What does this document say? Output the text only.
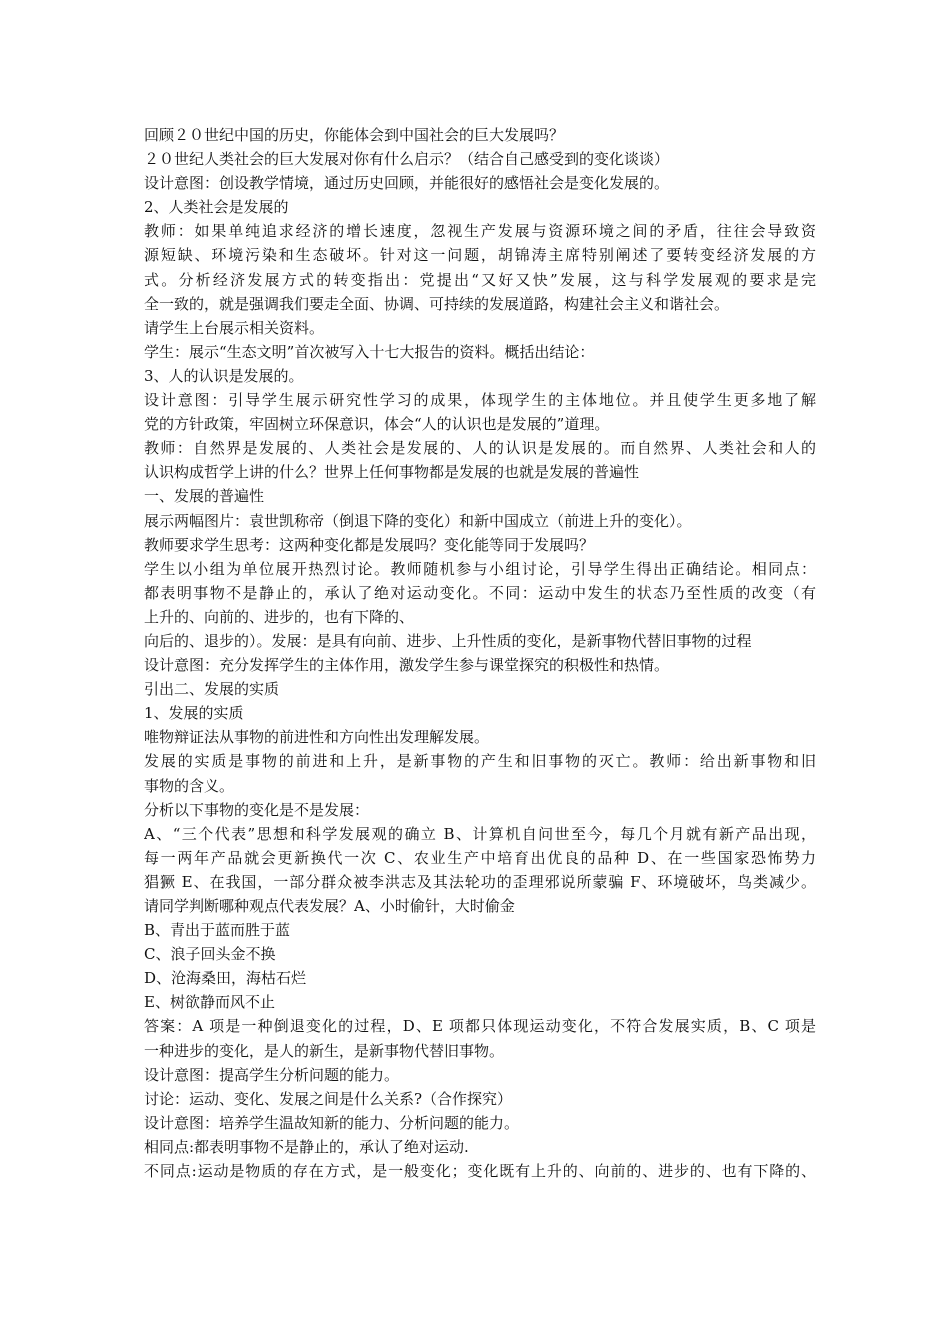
回顾２０世纪中国的历史，你能体会到中国社会的巨大发展吗？
２０世纪人类社会的巨大发展对你有什么启示？（结合自己感受到的变化谈谈）
设计意图：创设教学情境，通过历史回顾，并能很好的感悟社会是变化发展的。
2、人类社会是发展的
教师：如果单纯追求经济的增长速度，忽视生产发展与资源环境之间的矛盾，往往会导致资
源短缺、环境污染和生态破坏。针对这一问题，胡锦涛主席特别阐述了要转变经济发展的方
式。分析经济发展方式的转变指出：党提出“又好又快”发展，这与科学发展观的要求是完
全一致的，就是强调我们要走全面、协调、可持续的发展道路，构建社会主义和谐社会。
请学生上台展示相关资料。
学生：展示“生态文明”首次被写入十七大报告的资料。概括出结论：
3、人的认识是发展的。
设计意图：引导学生展示研究性学习的成果，体现学生的主体地位。并且使学生更多地了解
党的方针政策，牢固树立环保意识，体会“人的认识也是发展的”道理。
教师：自然界是发展的、人类社会是发展的、人的认识是发展的。而自然界、人类社会和人的
认识构成哲学上讲的什么？世界上任何事物都是发展的也就是发展的普遍性
一、发展的普遍性
展示两幅图片：袁世凯称帝（倒退下降的变化）和新中国成立（前进上升的变化）。
教师要求学生思考：这两种变化都是发展吗？变化能等同于发展吗？
学生以小组为单位展开热烈讨论。教师随机参与小组讨论，引导学生得出正确结论。相同点：
都表明事物不是静止的，承认了绝对运动变化。不同：运动中发生的状态乃至性质的改变（有
上升的、向前的、进步的，也有下降的、
向后的、退步的）。发展：是具有向前、进步、上升性质的变化，是新事物代替旧事物的过程
设计意图：充分发挥学生的主体作用，激发学生参与课堂探究的积极性和热情。
引出二、发展的实质
1、发展的实质
唯物辩证法从事物的前进性和方向性出发理解发展。
发展的实质是事物的前进和上升，是新事物的产生和旧事物的灭亡。教师：给出新事物和旧
事物的含义。
分析以下事物的变化是不是发展：
A、“三个代表”思想和科学发展观的确立 B、计算机自问世至今，每几个月就有新产品出现，
每一两年产品就会更新换代一次 C、农业生产中培育出优良的品种 D、在一些国家恐怖势力
猖獗 E、在我国，一部分群众被李洪志及其法轮功的歪理邪说所蒙骗 F、环境破坏，鸟类减少。
请同学判断哪种观点代表发展？A、小时偷针，大时偷金
B、青出于蓝而胜于蓝
C、浪子回头金不换
D、沧海桑田，海枯石烂
E、树欲静而风不止
答案：A 项是一种倒退变化的过程，D、E 项都只体现运动变化，不符合发展实质，B、C 项是
一种进步的变化，是人的新生，是新事物代替旧事物。
设计意图：提高学生分析问题的能力。
讨论：运动、变化、发展之间是什么关系?（合作探究）
设计意图：培养学生温故知新的能力、分析问题的能力。
相同点:都表明事物不是静止的，承认了绝对运动.
不同点:运动是物质的存在方式，是一般变化；变化既有上升的、向前的、进步的、也有下降的、
